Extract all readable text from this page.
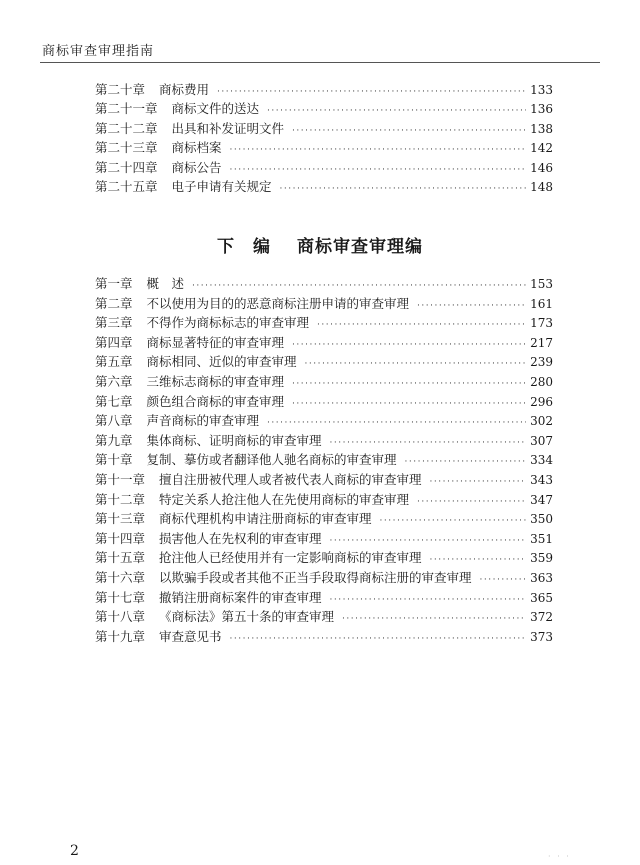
商标审查审理指南
第二十章 商标费用 ·····	133
第二十一章 商标文件的送达 ·····	136
第二十二章 出具和补发证明文件 ·····	138
第二十三章 商标档案 ·····	142
第二十四章 商标公告 ·····	146
第二十五章 电子申请有关规定 ·····	148
下　编 商标审查审理编
第一章 概　述 ·····	153
第二章 不以使用为目的的恶意商标注册申请的审查审理 ·····	161
第三章 不得作为商标标志的审查审理 ·····	173
第四章 商标显著特征的审查审理 ·····	217
第五章 商标相同、近似的审查审理 ·····	239
第六章 三维标志商标的审查审理 ·····	280
第七章 颜色组合商标的审查审理 ·····	296
第八章 声音商标的审查审理 ·····	302
第九章 集体商标、证明商标的审查审理 ·····	307
第十章 复制、摹仿或者翻译他人驰名商标的审查审理 ·····	334
第十一章 擅自注册被代理人或者被代表人商标的审查审理 ·····	343
第十二章 特定关系人抢注他人在先使用商标的审查审理 ·····	347
第十三章 商标代理机构申请注册商标的审查审理 ·····	350
第十四章 损害他人在先权利的审查审理 ·····	351
第十五章 抢注他人已经使用并有一定影响商标的审查审理 ·····	359
第十六章 以欺骗手段或者其他不正当手段取得商标注册的审查审理 ·····	363
第十七章 撤销注册商标案件的审查审理 ·····	365
第十八章 《商标法》第五十条的审查审理 ·····	372
第十九章 审查意见书 ·····	373
2	· · ·
